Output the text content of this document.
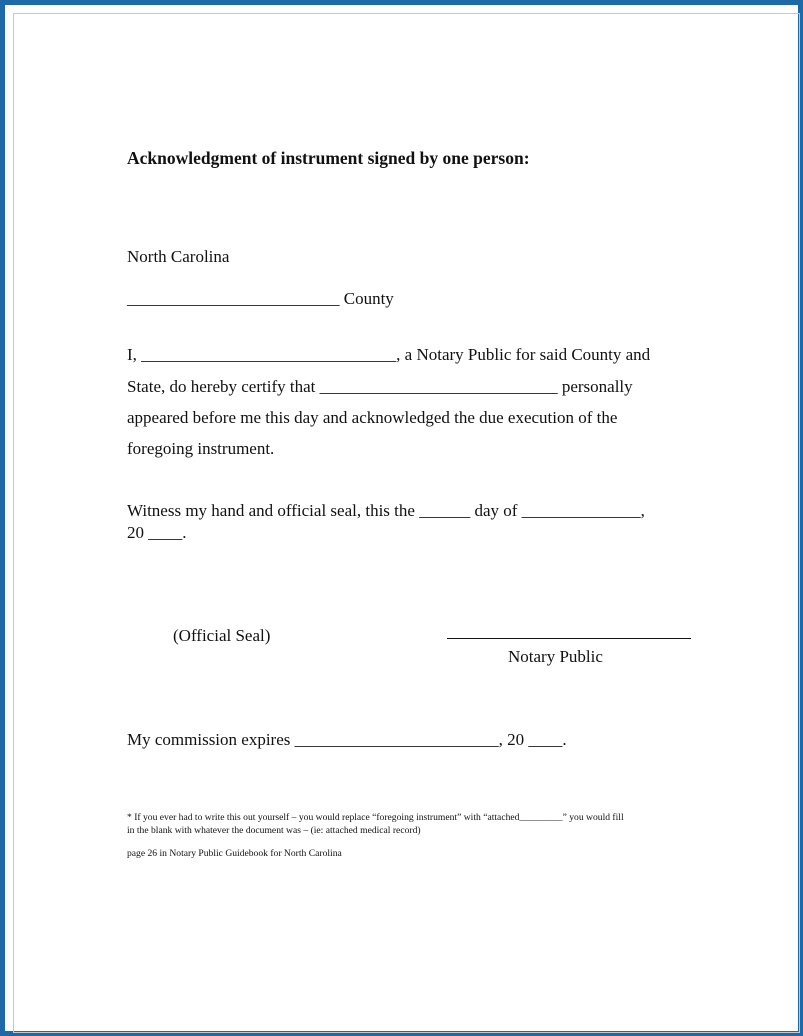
Acknowledgment of instrument signed by one person:
North Carolina
_________________________ County
I, ______________________________, a Notary Public for said County and
State, do hereby certify that ____________________________ personally
appeared before me this day and acknowledged the due execution of the
foregoing instrument.
Witness my hand and official seal, this the ______ day of ______________,
20 ____.
(Official Seal)
Notary Public
My commission expires ________________________, 20 ____.
* If you ever had to write this out yourself – you would replace “foregoing instrument” with “attached_________” you would fill
in the blank with whatever the document was – (ie: attached medical record)
page 26 in Notary Public Guidebook for North Carolina
